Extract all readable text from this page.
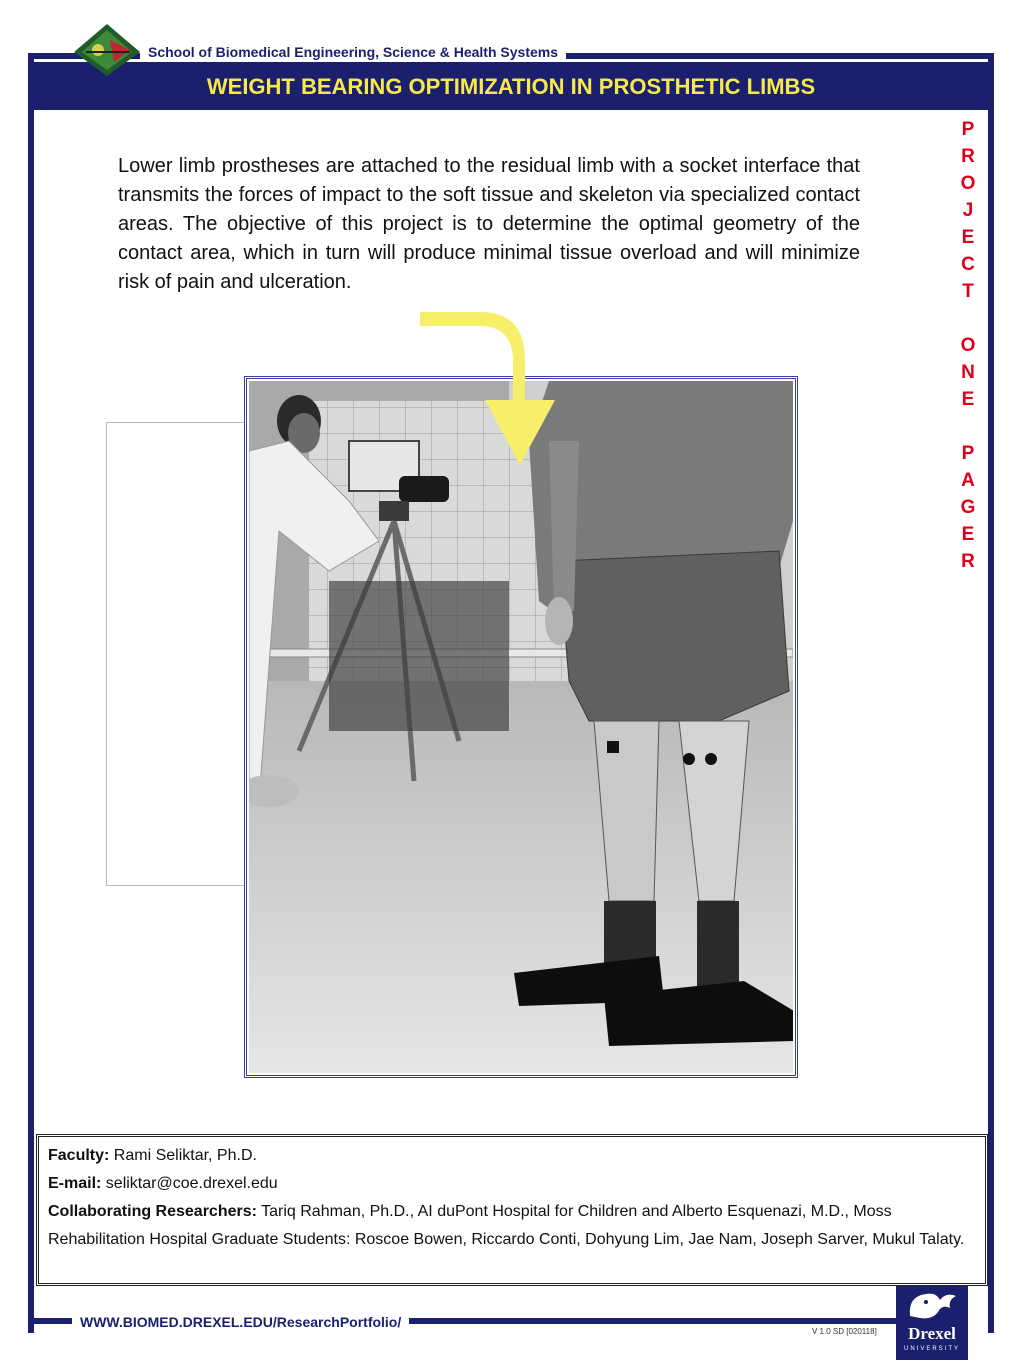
School of Biomedical Engineering, Science & Health Systems
WEIGHT BEARING OPTIMIZATION IN PROSTHETIC LIMBS
P
R
O
J
E
C
T

O
N
E

P
A
G
E
R
Lower limb prostheses are attached to the residual limb with a socket interface that transmits the forces of impact to the soft tissue and skeleton via specialized contact areas. The objective of this project is to determine the optimal geometry of the contact area, which in turn will produce minimal tissue overload and will minimize risk of pain and ulceration.
Faculty: Rami Seliktar, Ph.D.
E-mail: seliktar@coe.drexel.edu
Collaborating Researchers: Tariq Rahman, Ph.D., AI duPont Hospital for Children and Alberto Esquenazi, M.D., Moss Rehabilitation Hospital Graduate Students: Roscoe Bowen, Riccardo Conti, Dohyung Lim, Jae Nam, Joseph Sarver, Mukul Talaty.
WWW.BIOMED.DREXEL.EDU/ResearchPortfolio/
V 1.0 SD [020118]	Drexel
UNIVERSITY
